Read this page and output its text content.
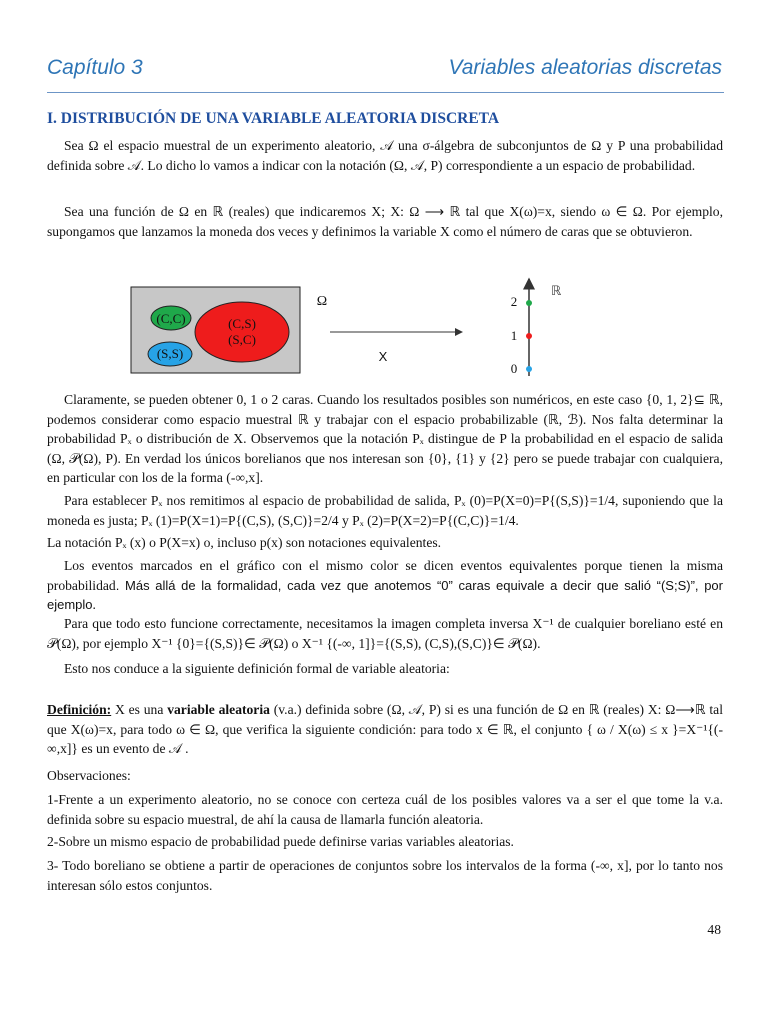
Capítulo 3	Variables aleatorias discretas
I. DISTRIBUCIÓN DE UNA VARIABLE ALEATORIA DISCRETA

Sea Ω el espacio muestral de un experimento aleatorio, 𝒜 una σ-álgebra de subconjuntos de Ω y P una probabilidad definida sobre 𝒜. Lo dicho lo vamos a indicar con la notación (Ω, 𝒜, P) correspondiente a un espacio de probabilidad.

Sea una función de Ω en ℝ (reales) que indicaremos X; X: Ω ⟶ ℝ tal que X(ω)=x, siendo ω ∈ Ω. Por ejemplo, supongamos que lanzamos la moneda dos veces y definimos la variable X como el número de caras que se obtuvieron.

(C,C)	(C,S)
(S,C)
(S,S)
Ω
X
ℝ
2
1
0

Claramente, se pueden obtener 0, 1 o 2 caras. Cuando los resultados posibles son numéricos, en este caso {0, 1, 2}⊆ ℝ, podemos considerar como espacio muestral ℝ y trabajar con el espacio probabilizable (ℝ, ℬ). Nos falta determinar la probabilidad Pₓ o distribución de X. Observemos que la notación Pₓ distingue de P la probabilidad en el espacio de salida (Ω, 𝒫(Ω), P). En verdad los únicos borelianos que nos interesan son {0}, {1} y {2} pero se puede trabajar con cualquiera, en particular con los de la forma (-∞,x].

Para establecer Pₓ nos remitimos al espacio de probabilidad de salida, Pₓ (0)=P(X=0)=P{(S,S)}=1/4, suponiendo que la moneda es justa; Pₓ (1)=P(X=1)=P{(C,S), (S,C)}=2/4 y Pₓ (2)=P(X=2)=P{(C,C)}=1/4.

La notación Pₓ (x) o P(X=x) o, incluso p(x) son notaciones equivalentes.

Los eventos marcados en el gráfico con el mismo color se dicen eventos equivalentes porque tienen la misma probabilidad. Más allá de la formalidad, cada vez que anotemos “0” caras equivale a decir que salió “(S;S)”, por ejemplo.

Para que todo esto funcione correctamente, necesitamos la imagen completa inversa X⁻¹ de cualquier boreliano esté en 𝒫(Ω), por ejemplo X⁻¹ {0}={(S,S)}∈ 𝒫(Ω) o X⁻¹ {(-∞, 1]}={(S,S), (C,S),(S,C)}∈ 𝒫(Ω).

Esto nos conduce a la siguiente definición formal de variable aleatoria:

Definición: X es una variable aleatoria (v.a.) definida sobre (Ω, 𝒜, P) si es una función de Ω en ℝ (reales) X: Ω⟶ℝ tal que X(ω)=x, para todo ω ∈ Ω, que verifica la siguiente condición: para todo x ∈ ℝ, el conjunto { ω / X(ω) ≤ x }=X⁻¹{(-∞,x]} es un evento de 𝒜 .

Observaciones:

1-Frente a un experimento aleatorio, no se conoce con certeza cuál de los posibles valores va a ser el que tome la v.a. definida sobre su espacio muestral, de ahí la causa de llamarla función aleatoria.

2-Sobre un mismo espacio de probabilidad puede definirse varias variables aleatorias.

3- Todo boreliano se obtiene a partir de operaciones de conjuntos sobre los intervalos de la forma (-∞, x], por lo tanto nos interesan sólo estos conjuntos.

48
